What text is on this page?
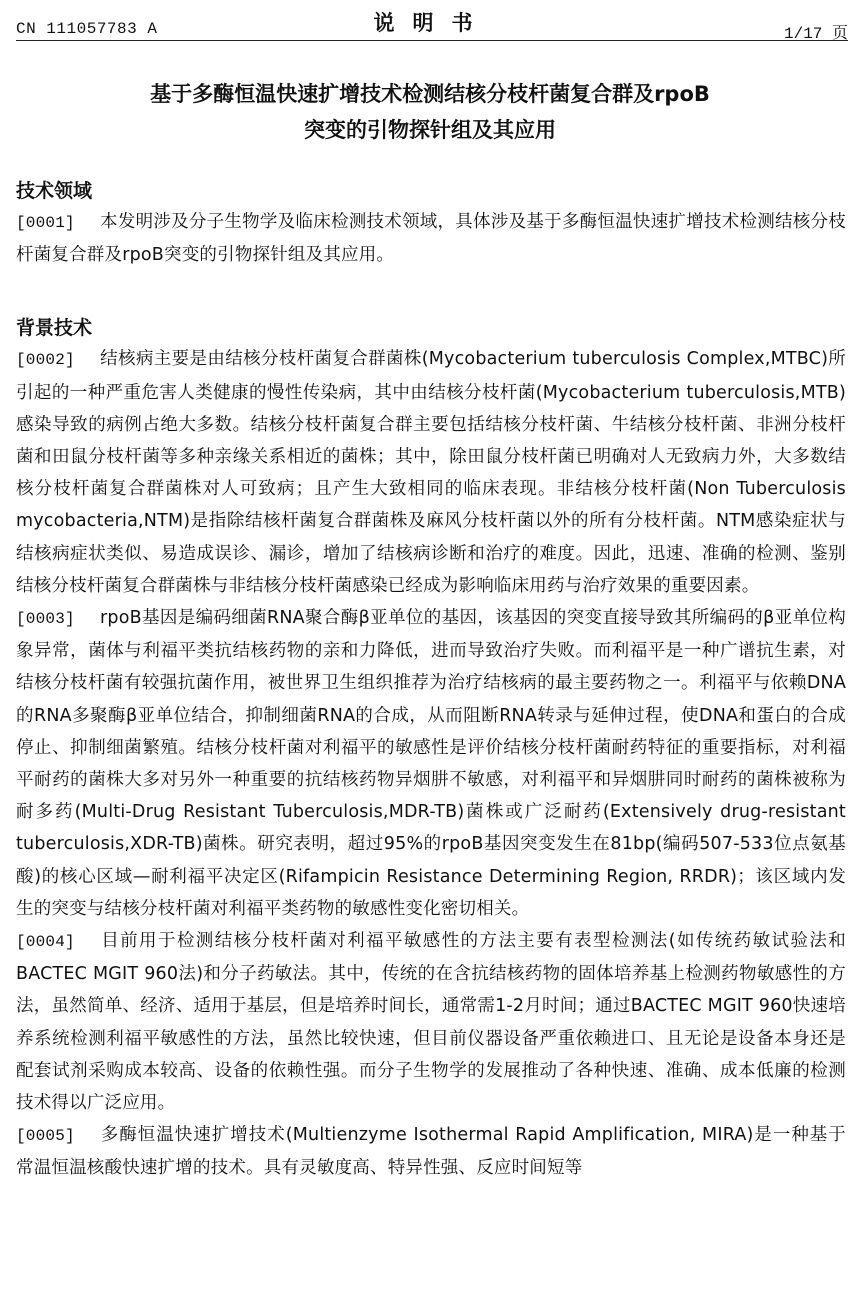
CN 111057783 A	说明书	1/17 页
基于多酶恒温快速扩增技术检测结核分枝杆菌复合群及rpoB
突变的引物探针组及其应用
技术领域
[0001] 本发明涉及分子生物学及临床检测技术领域，具体涉及基于多酶恒温快速扩增技术检测结核分枝杆菌复合群及rpoB突变的引物探针组及其应用。
背景技术
[0002] 结核病主要是由结核分枝杆菌复合群菌株(Mycobacterium tuberculosis Complex,MTBC)所引起的一种严重危害人类健康的慢性传染病，其中由结核分枝杆菌(Mycobacterium tuberculosis,MTB)感染导致的病例占绝大多数。结核分枝杆菌复合群主要包括结核分枝杆菌、牛结核分枝杆菌、非洲分枝杆菌和田鼠分枝杆菌等多种亲缘关系相近的菌株；其中，除田鼠分枝杆菌已明确对人无致病力外，大多数结核分枝杆菌复合群菌株对人可致病；且产生大致相同的临床表现。非结核分枝杆菌(Non Tuberculosis mycobacteria,NTM)是指除结核杆菌复合群菌株及麻风分枝杆菌以外的所有分枝杆菌。NTM感染症状与结核病症状类似、易造成误诊、漏诊，增加了结核病诊断和治疗的难度。因此，迅速、准确的检测、鉴别结核分枝杆菌复合群菌株与非结核分枝杆菌感染已经成为影响临床用药与治疗效果的重要因素。
[0003] rpoB基因是编码细菌RNA聚合酶β亚单位的基因，该基因的突变直接导致其所编码的β亚单位构象异常，菌体与利福平类抗结核药物的亲和力降低，进而导致治疗失败。而利福平是一种广谱抗生素，对结核分枝杆菌有较强抗菌作用，被世界卫生组织推荐为治疗结核病的最主要药物之一。利福平与依赖DNA的RNA多聚酶β亚单位结合，抑制细菌RNA的合成，从而阻断RNA转录与延伸过程，使DNA和蛋白的合成停止、抑制细菌繁殖。结核分枝杆菌对利福平的敏感性是评价结核分枝杆菌耐药特征的重要指标，对利福平耐药的菌株大多对另外一种重要的抗结核药物异烟肼不敏感，对利福平和异烟肼同时耐药的菌株被称为耐多药(Multi-Drug Resistant Tuberculosis,MDR-TB)菌株或广泛耐药(Extensively drug-resistant tuberculosis,XDR-TB)菌株。研究表明，超过95%的rpoB基因突变发生在81bp(编码507-533位点氨基酸)的核心区域—耐利福平决定区(Rifampicin Resistance Determining Region, RRDR)；该区域内发生的突变与结核分枝杆菌对利福平类药物的敏感性变化密切相关。
[0004] 目前用于检测结核分枝杆菌对利福平敏感性的方法主要有表型检测法(如传统药敏试验法和BACTEC MGIT 960法)和分子药敏法。其中，传统的在含抗结核药物的固体培养基上检测药物敏感性的方法，虽然简单、经济、适用于基层，但是培养时间长，通常需1-2月时间；通过BACTEC MGIT 960快速培养系统检测利福平敏感性的方法，虽然比较快速，但目前仪器设备严重依赖进口、且无论是设备本身还是配套试剂采购成本较高、设备的依赖性强。而分子生物学的发展推动了各种快速、准确、成本低廉的检测技术得以广泛应用。
[0005] 多酶恒温快速扩增技术(Multienzyme Isothermal Rapid Amplification, MIRA)是一种基于常温恒温核酸快速扩增的技术。具有灵敏度高、特异性强、反应时间短等
